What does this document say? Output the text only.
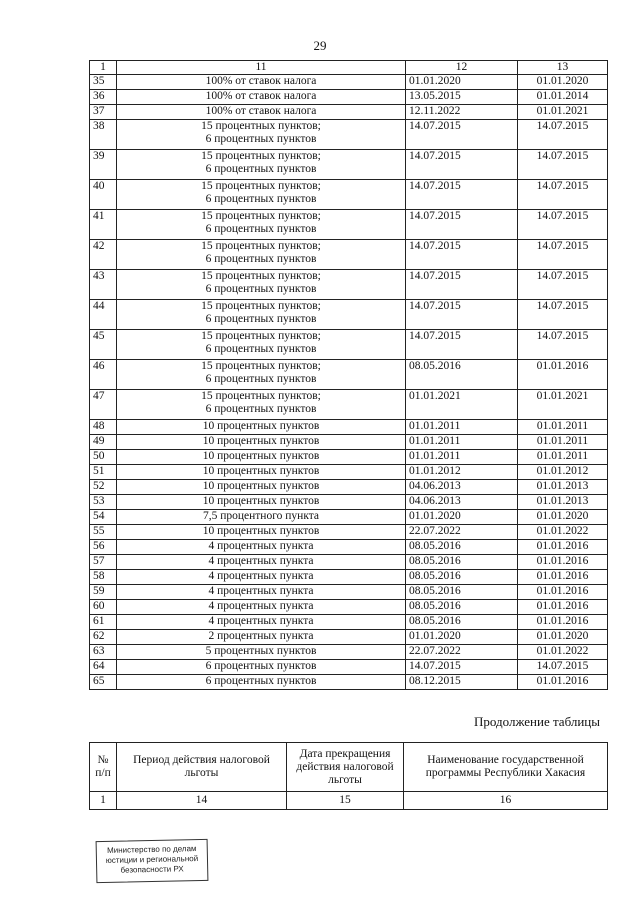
29
1	11	12	13
35	100% от ставок налога	01.01.2020	01.01.2020
36	100% от ставок налога	13.05.2015	01.01.2014
37	100% от ставок налога	12.11.2022	01.01.2021
38	15 процентных пунктов;
6 процентных пунктов	14.07.2015	14.07.2015
39	15 процентных пунктов;
6 процентных пунктов	14.07.2015	14.07.2015
40	15 процентных пунктов;
6 процентных пунктов	14.07.2015	14.07.2015
41	15 процентных пунктов;
6 процентных пунктов	14.07.2015	14.07.2015
42	15 процентных пунктов;
6 процентных пунктов	14.07.2015	14.07.2015
43	15 процентных пунктов;
6 процентных пунктов	14.07.2015	14.07.2015
44	15 процентных пунктов;
6 процентных пунктов	14.07.2015	14.07.2015
45	15 процентных пунктов;
6 процентных пунктов	14.07.2015	14.07.2015
46	15 процентных пунктов;
6 процентных пунктов	08.05.2016	01.01.2016
47	15 процентных пунктов;
6 процентных пунктов	01.01.2021	01.01.2021
48	10 процентных пунктов	01.01.2011	01.01.2011
49	10 процентных пунктов	01.01.2011	01.01.2011
50	10 процентных пунктов	01.01.2011	01.01.2011
51	10 процентных пунктов	01.01.2012	01.01.2012
52	10 процентных пунктов	04.06.2013	01.01.2013
53	10 процентных пунктов	04.06.2013	01.01.2013
54	7,5 процентного пункта	01.01.2020	01.01.2020
55	10 процентных пунктов	22.07.2022	01.01.2022
56	4 процентных пункта	08.05.2016	01.01.2016
57	4 процентных пункта	08.05.2016	01.01.2016
58	4 процентных пункта	08.05.2016	01.01.2016
59	4 процентных пункта	08.05.2016	01.01.2016
60	4 процентных пункта	08.05.2016	01.01.2016
61	4 процентных пункта	08.05.2016	01.01.2016
62	2 процентных пункта	01.01.2020	01.01.2020
63	5 процентных пунктов	22.07.2022	01.01.2022
64	6 процентных пунктов	14.07.2015	14.07.2015
65	6 процентных пунктов	08.12.2015	01.01.2016
Продолжение таблицы
№ п/п	Период действия налоговой льготы	Дата прекращения действия налоговой льготы	Наименование государственной программы Республики Хакасия
1	14	15	16
Министерство по делам
юстиции и региональной
безопасности РХ
